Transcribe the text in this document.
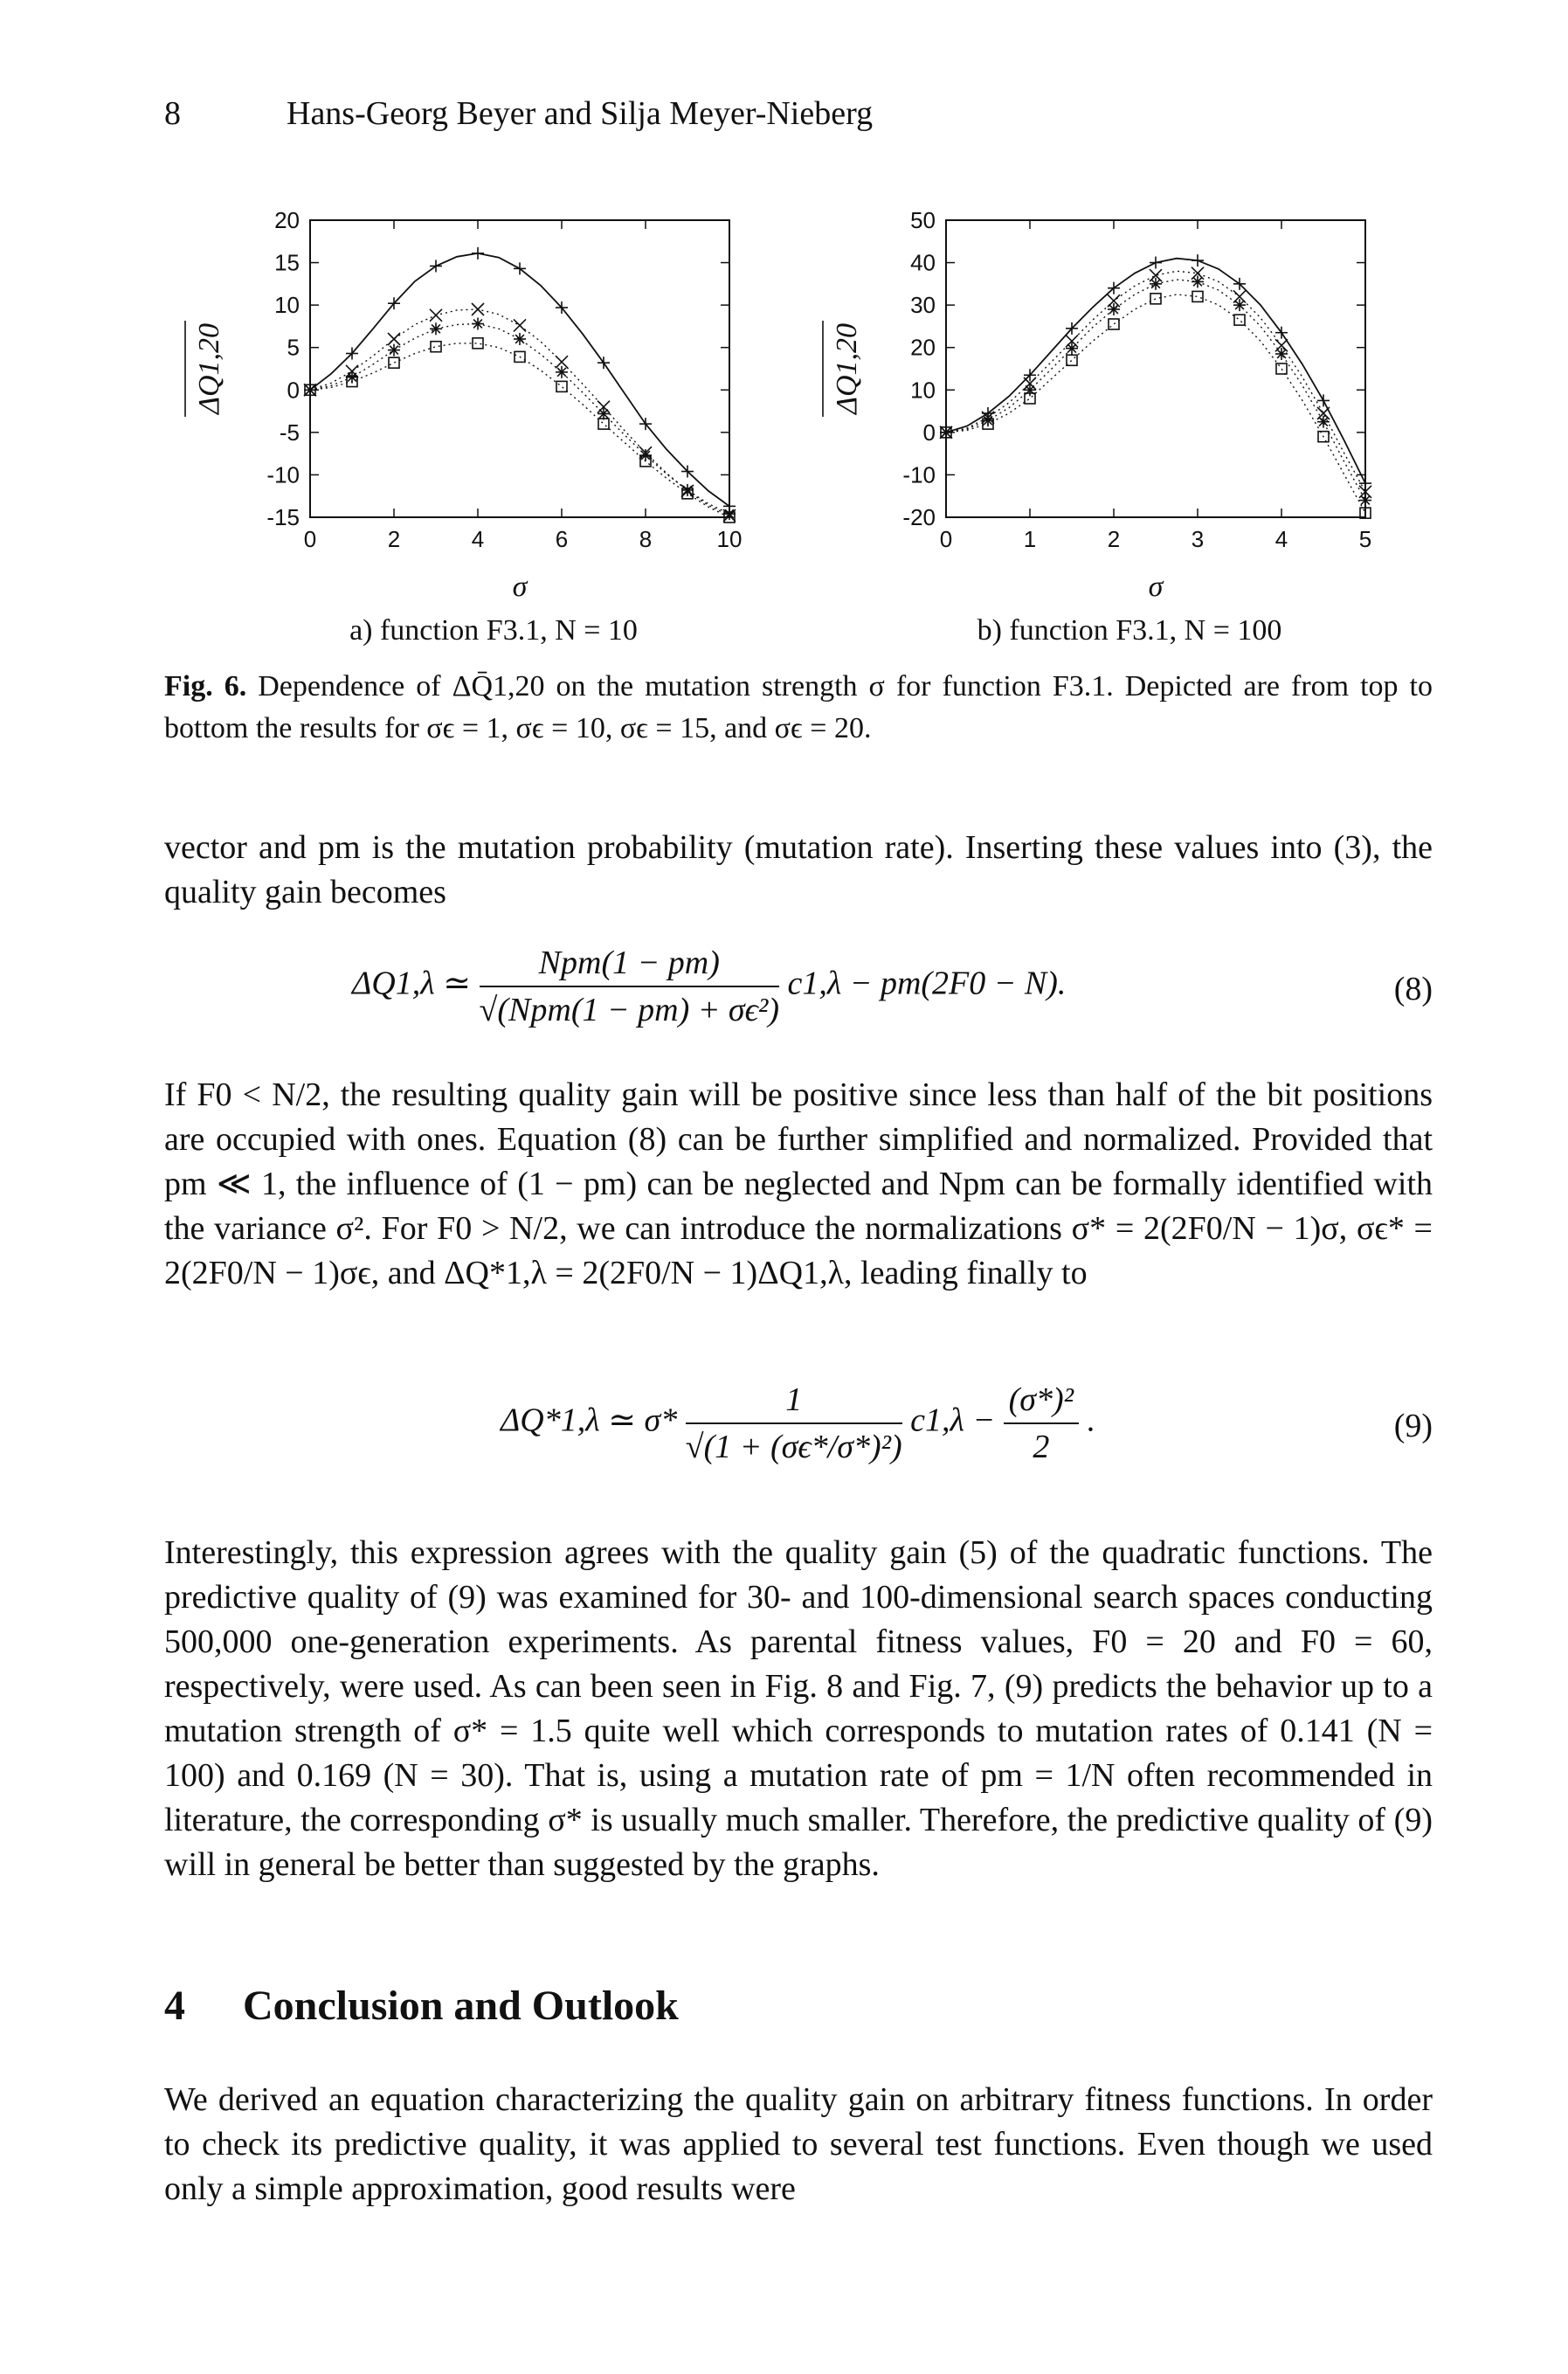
8	Hans-Georg Beyer and Silja Meyer-Nieberg
0	2	4	6	8	10
20
15
10
5
0
-5
-10
-15
ΔQ1,20
σ
a) function F3.1, N = 10
0	1	2	3	4	5
50
40
30
20
10
0
-10
-20
ΔQ1,20
σ
b) function F3.1, N = 100
Fig. 6. Dependence of ΔQ̄1,20 on the mutation strength σ for function F3.1. Depicted are from top to bottom the results for σϵ = 1, σϵ = 10, σϵ = 15, and σϵ = 20.
vector and pm is the mutation probability (mutation rate). Inserting these values into (3), the quality gain becomes
ΔQ1,λ ≃ $\frac{\text{Npm(1 − pm)}}{\text{√(Npm(1 − pm) + σϵ²)}} c1,\lambda - pm(2F0 - N)$.	(8)
If F0 < N/2, the resulting quality gain will be positive since less than half of the bit positions are occupied with ones. Equation (8) can be further simplified and normalized. Provided that pm ≪ 1, the influence of (1 − pm) can be neglected and Npm can be formally identified with the variance σ². For F0 > N/2, we can introduce the normalizations σ* = 2(2F0/N − 1)σ, σϵ* = 2(2F0/N − 1)σϵ, and ΔQ*1,λ = 2(2F0/N − 1)ΔQ1,λ, leading finally to
ΔQ*1,λ ≃ $\sigma* \frac{1}{\text{√(1 + (σϵ*/σ*)²)}} c1,\lambda - \frac{\text{(σ*)²}}{2}$ .	(9)
Interestingly, this expression agrees with the quality gain (5) of the quadratic functions. The predictive quality of (9) was examined for 30- and 100-dimensional search spaces conducting 500,000 one-generation experiments. As parental fitness values, F0 = 20 and F0 = 60, respectively, were used. As can been seen in Fig. 8 and Fig. 7, (9) predicts the behavior up to a mutation strength of σ* = 1.5 quite well which corresponds to mutation rates of 0.141 (N = 100) and 0.169 (N = 30). That is, using a mutation rate of pm = 1/N often recommended in literature, the corresponding σ* is usually much smaller. Therefore, the predictive quality of (9) will in general be better than suggested by the graphs.
4 Conclusion and Outlook
We derived an equation characterizing the quality gain on arbitrary fitness functions. In order to check its predictive quality, it was applied to several test functions. Even though we used only a simple approximation, good results were
